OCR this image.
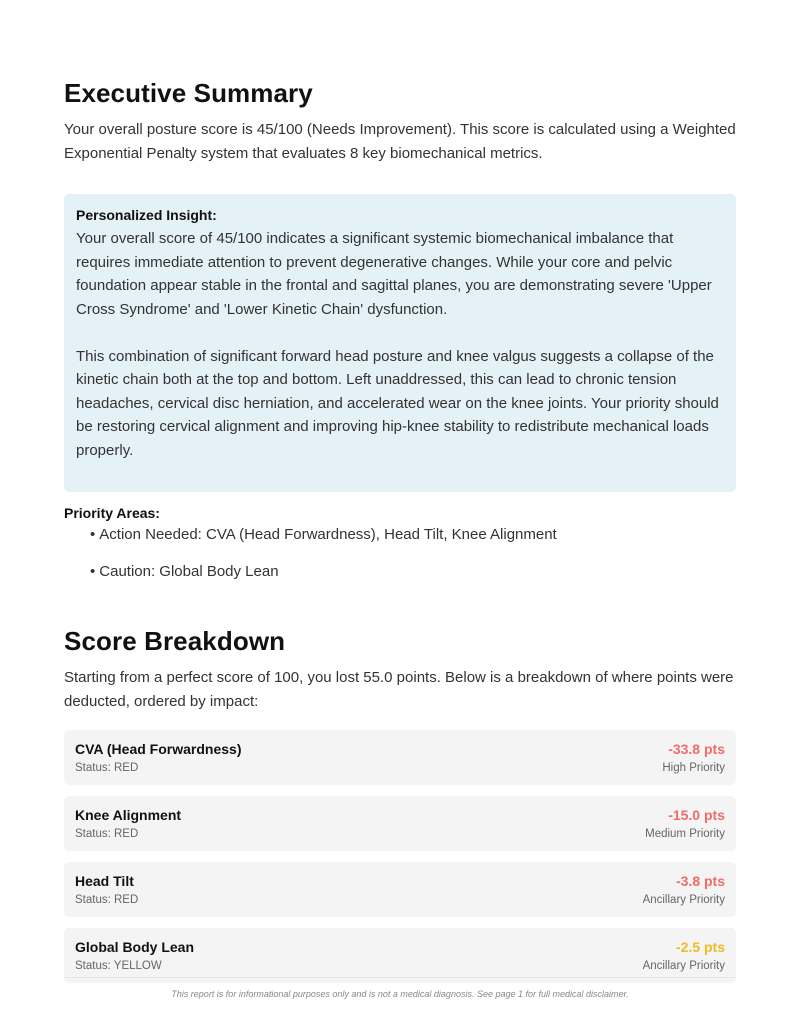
Executive Summary

Your overall posture score is 45/100 (Needs Improvement). This score is calculated using a Weighted Exponential Penalty system that evaluates 8 key biomechanical metrics.

Personalized Insight:

Your overall score of 45/100 indicates a significant systemic biomechanical imbalance that requires immediate attention to prevent degenerative changes. While your core and pelvic foundation appear stable in the frontal and sagittal planes, you are demonstrating severe 'Upper Cross Syndrome' and 'Lower Kinetic Chain' dysfunction.

This combination of significant forward head posture and knee valgus suggests a collapse of the kinetic chain both at the top and bottom. Left unaddressed, this can lead to chronic tension headaches, cervical disc herniation, and accelerated wear on the knee joints. Your priority should be restoring cervical alignment and improving hip-knee stability to redistribute mechanical loads properly.

Priority Areas:

• Action Needed: CVA (Head Forwardness), Head Tilt, Knee Alignment
• Caution: Global Body Lean
Score Breakdown

Starting from a perfect score of 100, you lost 55.0 points. Below is a breakdown of where points were deducted, ordered by impact:

CVA (Head Forwardness)
Status: RED
-33.8 pts
High Priority
Knee Alignment
Status: RED
-15.0 pts
Medium Priority
Head Tilt
Status: RED
-3.8 pts
Ancillary Priority
Global Body Lean
Status: YELLOW
-2.5 pts
Ancillary Priority
This report is for informational purposes only and is not a medical diagnosis. See page 1 for full medical disclaimer.
